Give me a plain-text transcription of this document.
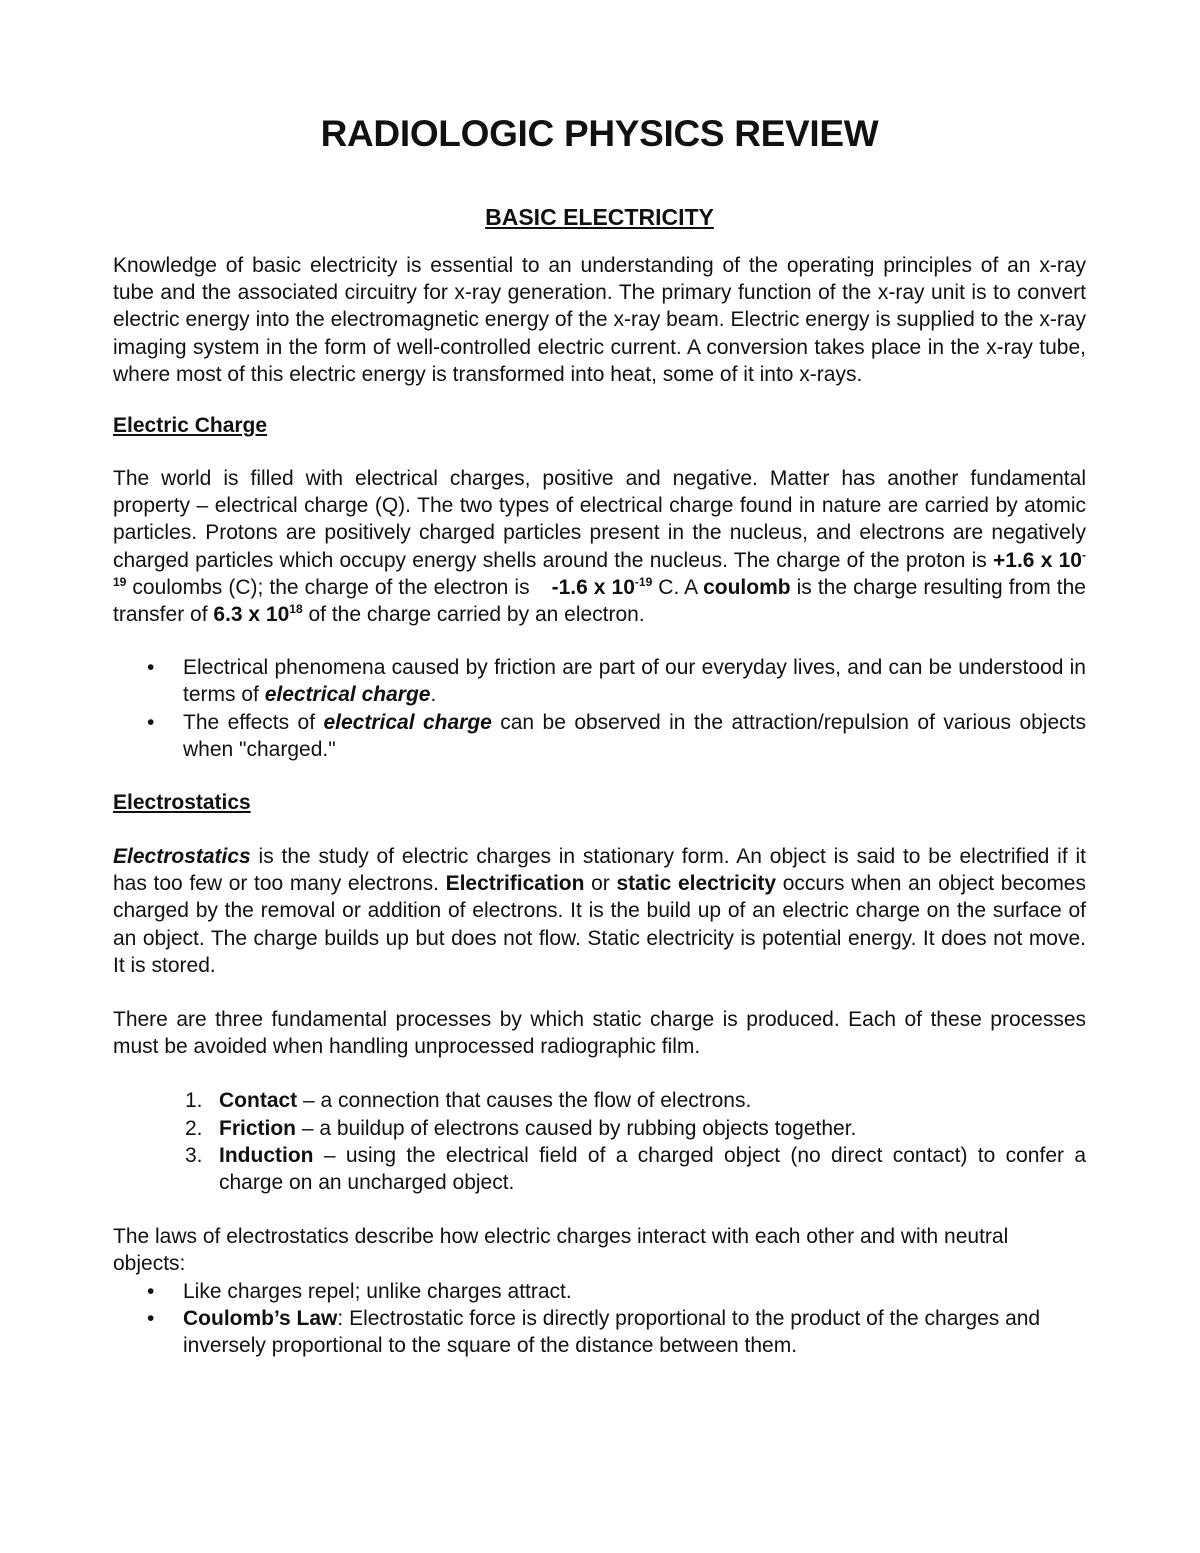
RADIOLOGIC PHYSICS REVIEW
BASIC ELECTRICITY

Knowledge of basic electricity is essential to an understanding of the operating principles of an x-ray tube and the associated circuitry for x-ray generation. The primary function of the x-ray unit is to convert electric energy into the electromagnetic energy of the x-ray beam. Electric energy is supplied to the x-ray imaging system in the form of well-controlled electric current. A conversion takes place in the x-ray tube, where most of this electric energy is transformed into heat, some of it into x-rays.

Electric Charge

The world is filled with electrical charges, positive and negative. Matter has another fundamental property – electrical charge (Q). The two types of electrical charge found in nature are carried by atomic particles. Protons are positively charged particles present in the nucleus, and electrons are negatively charged particles which occupy energy shells around the nucleus. The charge of the proton is +1.6 x $10^{-19}$ coulombs (C); the charge of the electron is -1.6 x $10^{-19}$ C. A coulomb is the charge resulting from the transfer of 6.3 x $10^{18}$ of the charge carried by an electron.

• Electrical phenomena caused by friction are part of our everyday lives, and can be understood in terms of electrical charge.
• The effects of electrical charge can be observed in the attraction/repulsion of various objects when "charged."
Electrostatics

Electrostatics is the study of electric charges in stationary form. An object is said to be electrified if it has too few or too many electrons. Electrification or static electricity occurs when an object becomes charged by the removal or addition of electrons. It is the build up of an electric charge on the surface of an object. The charge builds up but does not flow. Static electricity is potential energy. It does not move. It is stored.

There are three fundamental processes by which static charge is produced. Each of these processes must be avoided when handling unprocessed radiographic film.

1. Contact – a connection that causes the flow of electrons.
2. Friction – a buildup of electrons caused by rubbing objects together.
3. Induction – using the electrical field of a charged object (no direct contact) to confer a charge on an uncharged object.

The laws of electrostatics describe how electric charges interact with each other and with neutral objects:

• Like charges repel; unlike charges attract.
• Coulomb’s Law: Electrostatic force is directly proportional to the product of the charges and inversely proportional to the square of the distance between them.
